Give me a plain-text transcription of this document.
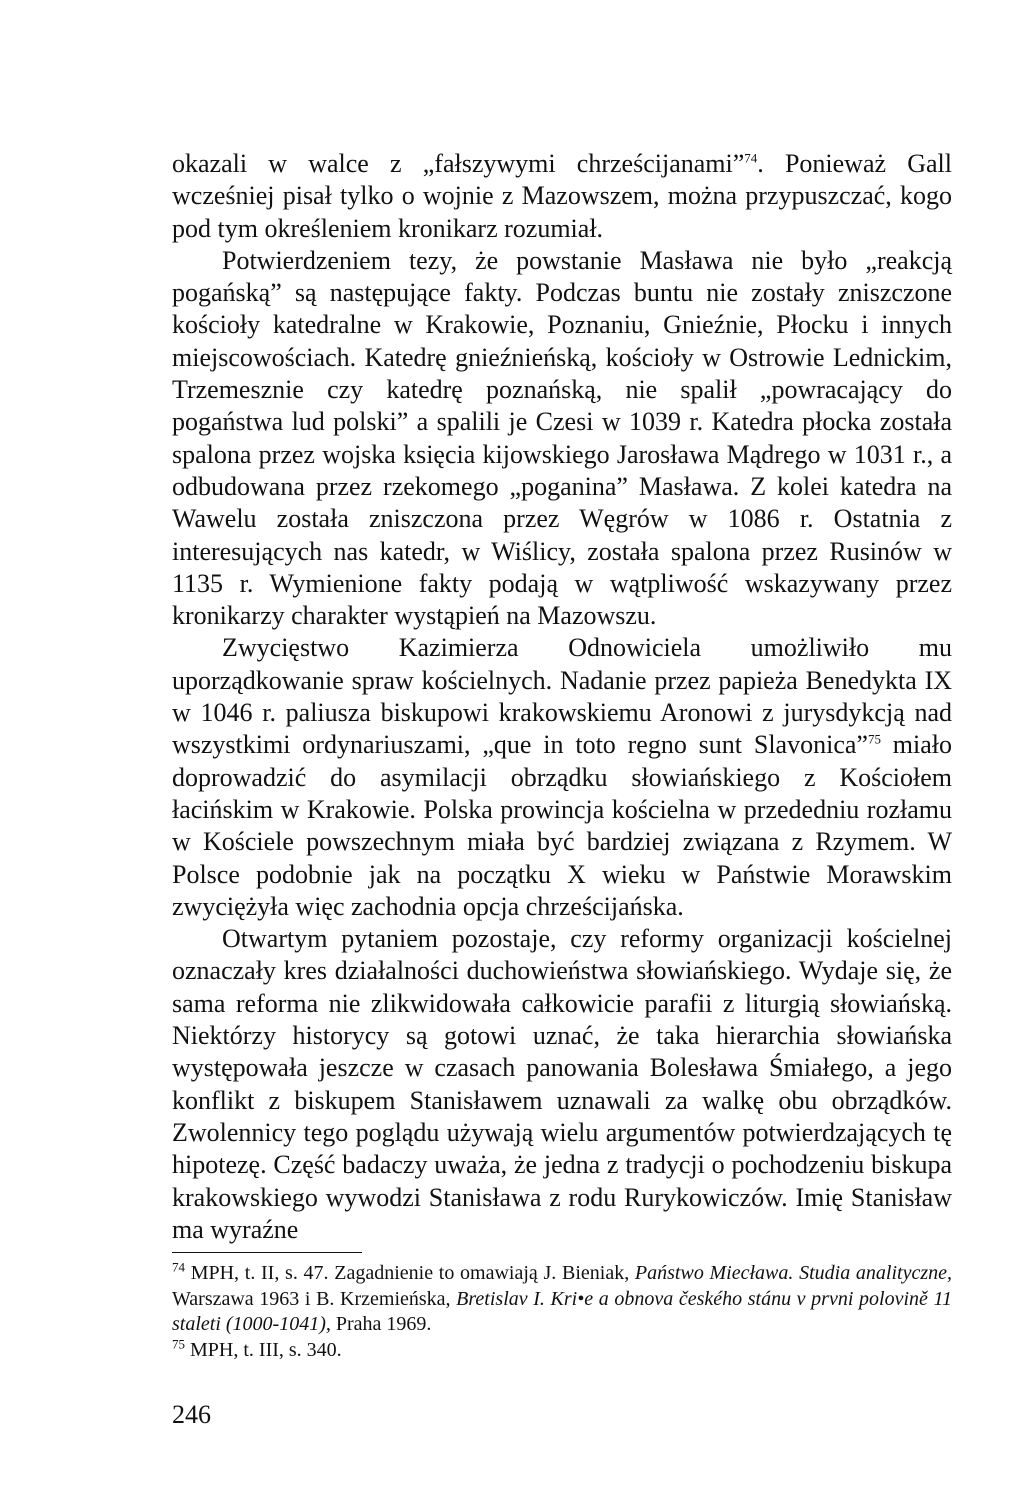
okazali w walce z „fałszywymi chrześcijanami”$^{74}$. Ponieważ Gall wcześniej pisał tylko o wojnie z Mazowszem, można przypuszczać, kogo pod tym określeniem kronikarz rozumiał.

Potwierdzeniem tezy, że powstanie Masława nie było „reakcją pogańską” są następujące fakty. Podczas buntu nie zostały zniszczone kościoły katedralne w Krakowie, Poznaniu, Gnieźnie, Płocku i innych miejscowościach. Katedrę gnieźnieńską, kościoły w Ostrowie Lednickim, Trzemesznie czy katedrę poznańską, nie spalił „powracający do pogaństwa lud polski” a spalili je Czesi w 1039 r. Katedra płocka została spalona przez wojska księcia kijowskiego Jarosława Mądrego w 1031 r., a odbudowana przez rzekomego „poganina” Masława. Z kolei katedra na Wawelu została zniszczona przez Węgrów w 1086 r. Ostatnia z interesujących nas katedr, w Wiślicy, została spalona przez Rusinów w 1135 r. Wymienione fakty podają w wątpliwość wskazywany przez kronikarzy charakter wystąpień na Mazowszu.

Zwycięstwo Kazimierza Odnowiciela umożliwiło mu uporządkowanie spraw kościelnych. Nadanie przez papieża Benedykta IX w 1046 r. paliusza biskupowi krakowskiemu Aronowi z jurysdykcją nad wszystkimi ordynariuszami, „que in toto regno sunt Slavonica”$^{75}$ miało doprowadzić do asymilacji obrządku słowiańskiego z Kościołem łacińskim w Krakowie. Polska prowincja kościelna w przededniu rozłamu w Kościele powszechnym miała być bardziej związana z Rzymem. W Polsce podobnie jak na początku X wieku w Państwie Morawskim zwyciężyła więc zachodnia opcja chrześcijańska.

Otwartym pytaniem pozostaje, czy reformy organizacji kościelnej oznaczały kres działalności duchowieństwa słowiańskiego. Wydaje się, że sama reforma nie zlikwidowała całkowicie parafii z liturgią słowiańską. Niektórzy historycy są gotowi uznać, że taka hierarchia słowiańska występowała jeszcze w czasach panowania Bolesława Śmiałego, a jego konflikt z biskupem Stanisławem uznawali za walkę obu obrządków. Zwolennicy tego poglądu używają wielu argumentów potwierdzających tę hipotezę. Część badaczy uważa, że jedna z tradycji o pochodzeniu biskupa krakowskiego wywodzi Stanisława z rodu Rurykowiczów. Imię Stanisław ma wyraźne

$^{74}$ MPH, t. II, s. 47. Zagadnienie to omawiają J. Bieniak, Państwo Miecława. Studia analityczne, Warszawa 1963 i B. Krzemieńska, Bretislav I. Kri•e a obnova českého stánu v prvni polovině 11 staleti (1000-1041), Praha 1969.

$^{75}$ MPH, t. III, s. 340.

246
